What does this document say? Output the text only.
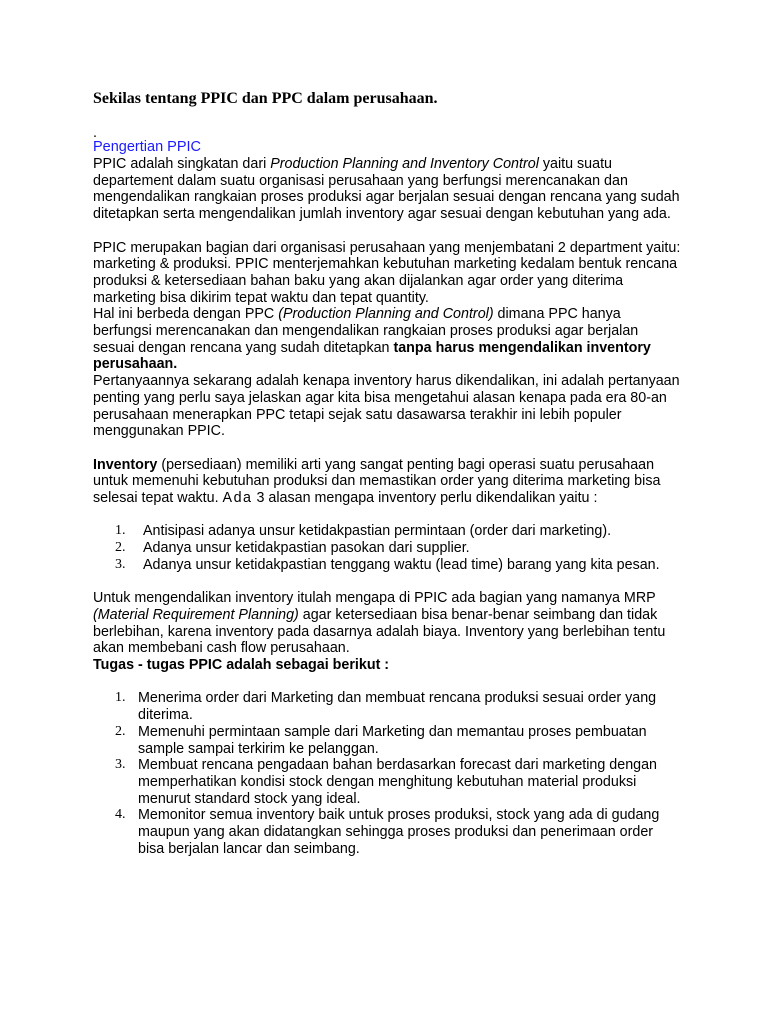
Sekilas tentang PPIC dan PPC dalam perusahaan.
.
Pengertian PPIC

PPIC adalah singkatan dari Production Planning and Inventory Control yaitu suatu departement dalam suatu organisasi perusahaan yang berfungsi merencanakan dan mengendalikan rangkaian proses produksi agar berjalan sesuai dengan rencana yang sudah ditetapkan serta mengendalikan jumlah inventory agar sesuai dengan kebutuhan yang ada.

PPIC merupakan bagian dari organisasi perusahaan yang menjembatani 2 department yaitu: marketing & produksi. PPIC menterjemahkan kebutuhan marketing kedalam bentuk rencana produksi & ketersediaan bahan baku yang akan dijalankan agar order yang diterima marketing bisa dikirim tepat waktu dan tepat quantity.

Hal ini berbeda dengan PPC (Production Planning and Control) dimana PPC hanya berfungsi merencanakan dan mengendalikan rangkaian proses produksi agar berjalan sesuai dengan rencana yang sudah ditetapkan tanpa harus mengendalikan inventory perusahaan.

Pertanyaannya sekarang adalah kenapa inventory harus dikendalikan, ini adalah pertanyaan penting yang perlu saya jelaskan agar kita bisa mengetahui alasan kenapa pada era 80-an perusahaan menerapkan PPC tetapi sejak satu dasawarsa terakhir ini lebih populer menggunakan PPIC.

Inventory (persediaan) memiliki arti yang sangat penting bagi operasi suatu perusahaan untuk memenuhi kebutuhan produksi dan memastikan order yang diterima marketing bisa selesai tepat waktu. Ada 3 alasan mengapa inventory perlu dikendalikan yaitu :

1. Antisipasi adanya unsur ketidakpastian permintaan (order dari marketing).
2. Adanya unsur ketidakpastian pasokan dari supplier.
3. Adanya unsur ketidakpastian tenggang waktu (lead time) barang yang kita pesan.

Untuk mengendalikan inventory itulah mengapa di PPIC ada bagian yang namanya MRP (Material Requirement Planning) agar ketersediaan bisa benar-benar seimbang dan tidak berlebihan, karena inventory pada dasarnya adalah biaya. Inventory yang berlebihan tentu akan membebani cash flow perusahaan.

Tugas - tugas PPIC adalah sebagai berikut :

1. Menerima order dari Marketing dan membuat rencana produksi sesuai order yang diterima.
2. Memenuhi permintaan sample dari Marketing dan memantau proses pembuatan sample sampai terkirim ke pelanggan.
3. Membuat rencana pengadaan bahan berdasarkan forecast dari marketing dengan memperhatikan kondisi stock dengan menghitung kebutuhan material produksi menurut standard stock yang ideal.
4. Memonitor semua inventory baik untuk proses produksi, stock yang ada di gudang maupun yang akan didatangkan sehingga proses produksi dan penerimaan order bisa berjalan lancar dan seimbang.
